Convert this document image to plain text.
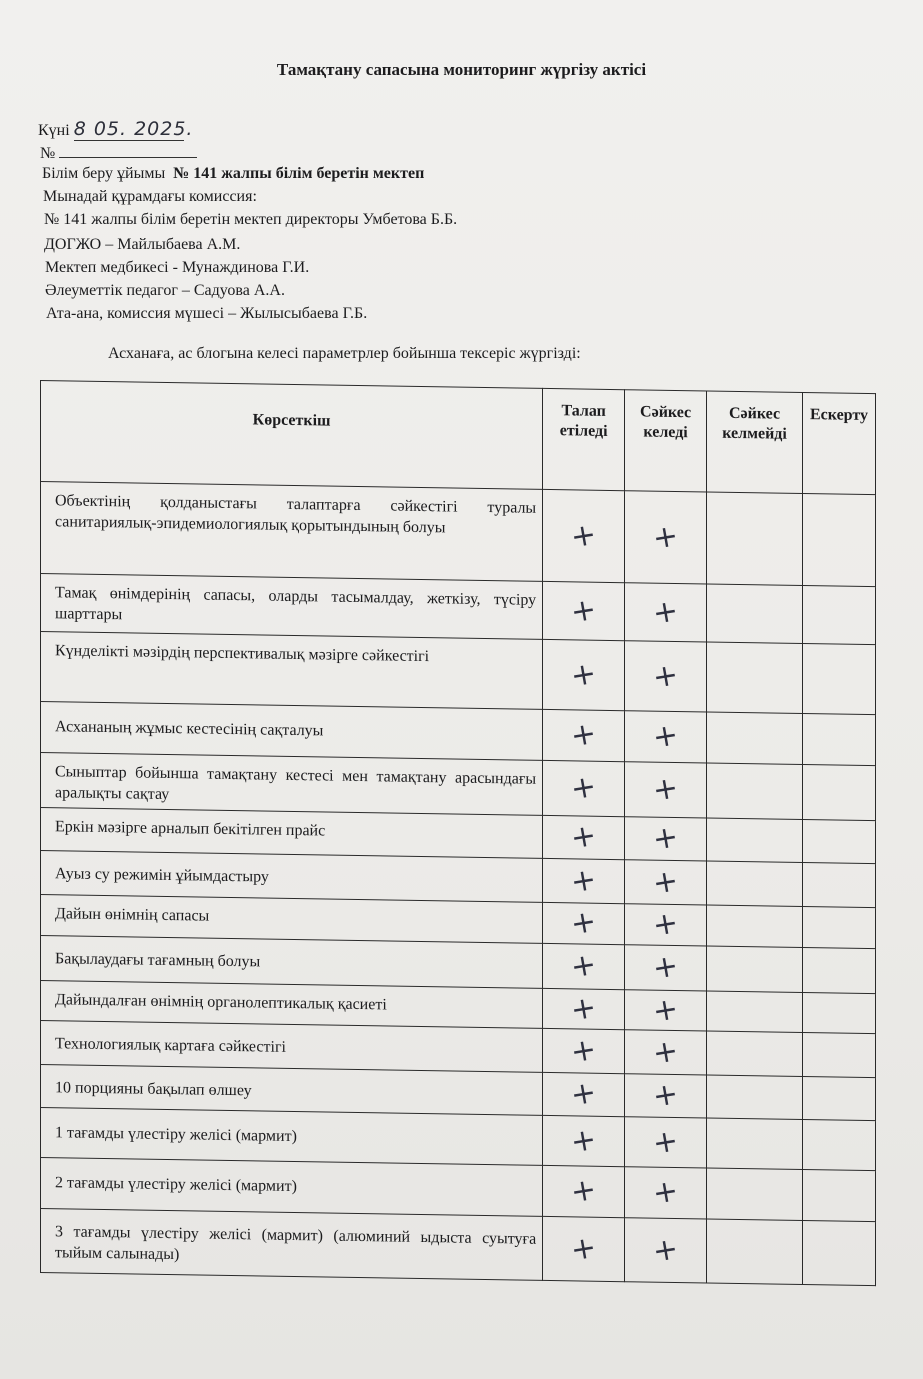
Тамақтану сапасына мониторинг жүргізу актісі
Күні 8 05. 2025.
№
Білім беру ұйымы № 141 жалпы білім беретін мектеп
Мынадай құрамдағы комиссия:
№ 141 жалпы білім беретін мектеп директоры Умбетова Б.Б.
ДОГЖО – Майлыбаева А.М.
Мектеп медбикесі - Мунаждинова Г.И.
Әлеуметтік педагог – Садуова А.А.
Ата-ана, комиссия мүшесі – Жылысыбаева Г.Б.
Асханаға, ас блогына келесі параметрлер бойынша тексеріс жүргізді:
Көрсеткіш	Талап етіледі	Сәйкес келеді	Сәйкес келмейді	Ескерту
Объектінің қолданыстағы талаптарға сәйкестігі туралы санитариялық-эпидемиологиялық қорытындының болуы	+	+		
Тамақ өнімдерінің сапасы, оларды тасымалдау, жеткізу, түсіру шарттары	+	+		
Күнделікті мәзірдің перспективалық мәзірге сәйкестігі	+	+		
Асхананың жұмыс кестесінің сақталуы	+	+		
Сыныптар бойынша тамақтану кестесі мен тамақтану арасындағы аралықты сақтау	+	+		
Еркін мәзірге арналып бекітілген прайс	+	+		
Ауыз су режимін ұйымдастыру	+	+		
Дайын өнімнің сапасы	+	+		
Бақылаудағы тағамның болуы	+	+		
Дайындалған өнімнің органолептикалық қасиеті	+	+		
Технологиялық картаға сәйкестігі	+	+		
10 порцияны бақылап өлшеу	+	+		
1 тағамды үлестіру желісі (мармит)	+	+		
2 тағамды үлестіру желісі (мармит)	+	+		
3 тағамды үлестіру желісі (мармит) (алюминий ыдыста суытуға тыйым салынады)	+	+		
